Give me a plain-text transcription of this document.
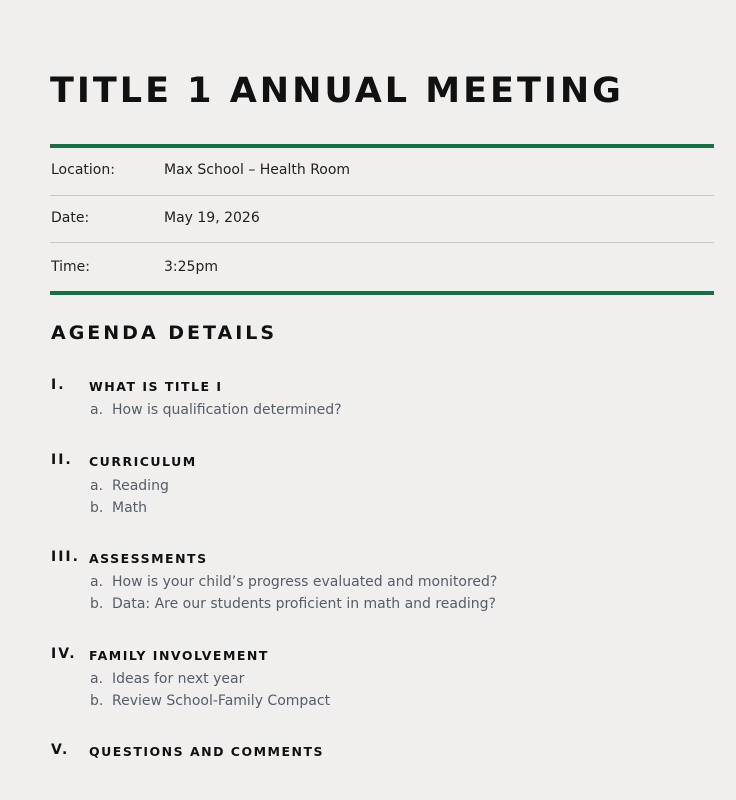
TITLE 1 ANNUAL MEETING
Location:	Max School – Health Room
Date:	May 19, 2026
Time:	3:25pm
AGENDA DETAILS
I. WHAT IS TITLE I
a. How is qualification determined?
II. CURRICULUM
a. Reading
b. Math
III. ASSESSMENTS
a. How is your child’s progress evaluated and monitored?
b. Data: Are our students proficient in math and reading?
IV. FAMILY INVOLVEMENT
a. Ideas for next year
b. Review School-Family Compact
V. QUESTIONS AND COMMENTS
